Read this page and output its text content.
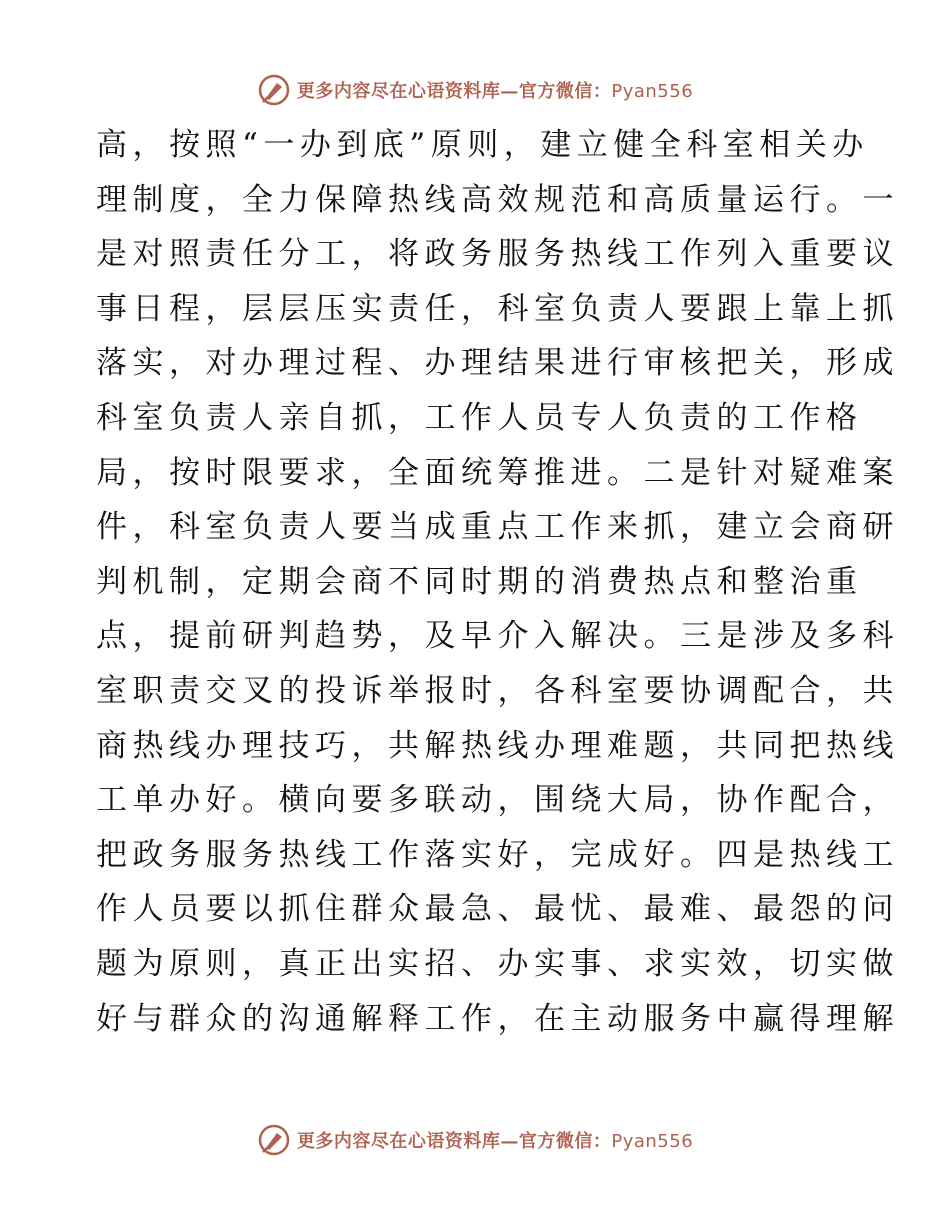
更多内容尽在心语资料库—官方微信：Pyan556
高，按照“一办到底”原则，建立健全科室相关办
理制度，全力保障热线高效规范和高质量运行。一
是对照责任分工，将政务服务热线工作列入重要议
事日程，层层压实责任，科室负责人要跟上靠上抓
落实，对办理过程、办理结果进行审核把关，形成
科室负责人亲自抓，工作人员专人负责的工作格
局，按时限要求，全面统筹推进。二是针对疑难案
件，科室负责人要当成重点工作来抓，建立会商研
判机制，定期会商不同时期的消费热点和整治重
点，提前研判趋势，及早介入解决。三是涉及多科
室职责交叉的投诉举报时，各科室要协调配合，共
商热线办理技巧，共解热线办理难题，共同把热线
工单办好。横向要多联动，围绕大局，协作配合，
把政务服务热线工作落实好，完成好。四是热线工
作人员要以抓住群众最急、最忧、最难、最怨的问
题为原则，真正出实招、办实事、求实效，切实做
好与群众的沟通解释工作，在主动服务中赢得理解
更多内容尽在心语资料库—官方微信：Pyan556
